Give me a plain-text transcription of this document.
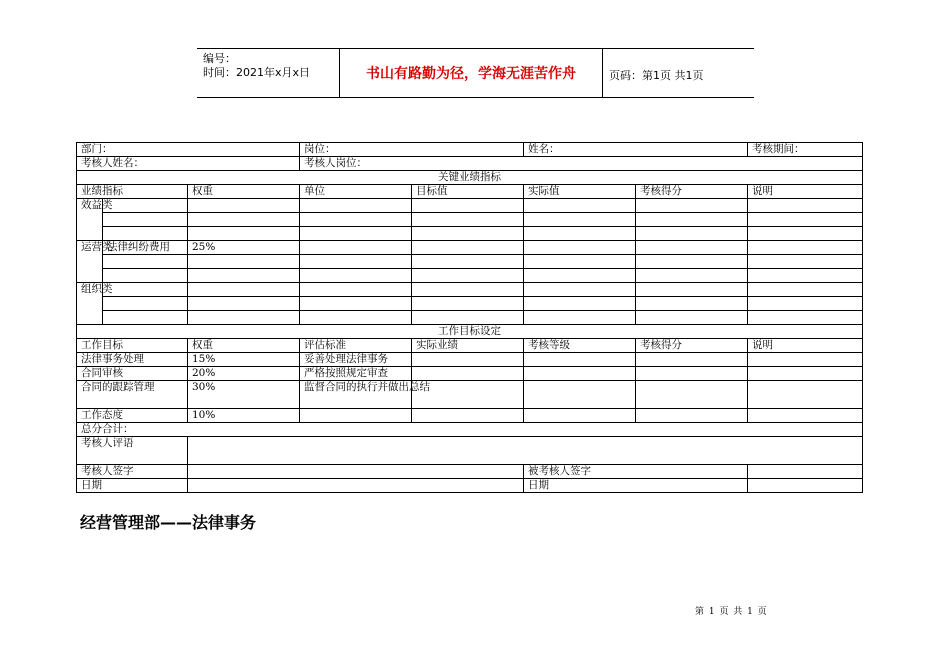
编号：
时间：2021年x月x日	书山有路勤为径，学海无涯苦作舟	页码：第1页 共1页
部门：			岗位：		姓名：		考核期间：
考核人姓名：			考核人岗位：				
关键业绩指标							
业绩指标		权重	单位	目标值	实际值	考核得分	说明
效益类							

运营类	法律纠纷费用	25%					

组织类							

工作目标设定							
工作目标		权重	评估标准	实际业绩	考核等级	考核得分	说明
法律事务处理		15%	妥善处理法律事务				
合同审核		20%	严格按照规定审查				
合同的跟踪管理		30%	监督合同的执行并做出总结				
工作态度		10%					
总分合计：							
考核人评语							
考核人签字					被考核人签字		
日期					日期		
经营管理部——法律事务
第 1 页 共 1 页
